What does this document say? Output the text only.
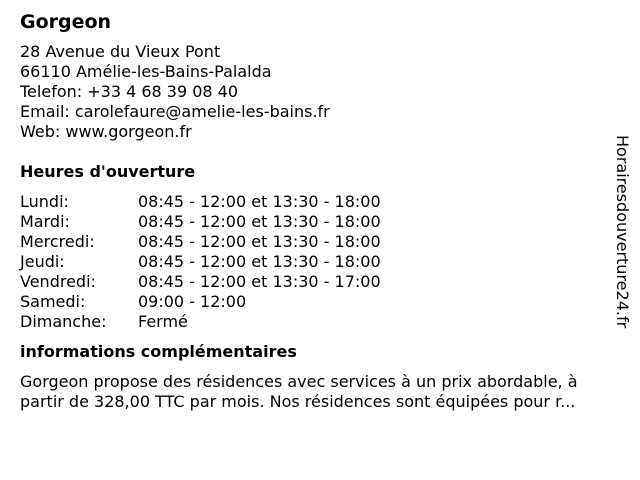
Gorgeon
28 Avenue du Vieux Pont
66110 Amélie-les-Bains-Palalda
Telefon: +33 4 68 39 08 40
Email: carolefaure@amelie-les-bains.fr
Web: www.gorgeon.fr
Heures d'ouverture
Lundi:	08:45 - 12:00 et 13:30 - 18:00
Mardi:	08:45 - 12:00 et 13:30 - 18:00
Mercredi:	08:45 - 12:00 et 13:30 - 18:00
Jeudi:	08:45 - 12:00 et 13:30 - 18:00
Vendredi:	08:45 - 12:00 et 13:30 - 17:00
Samedi:	09:00 - 12:00
Dimanche:	Fermé
informations complémentaires

Gorgeon propose des résidences avec services à un prix abordable, à partir de 328,00 TTC par mois. Nos résidences sont équipées pour r...

Horairesdouverture24.fr
